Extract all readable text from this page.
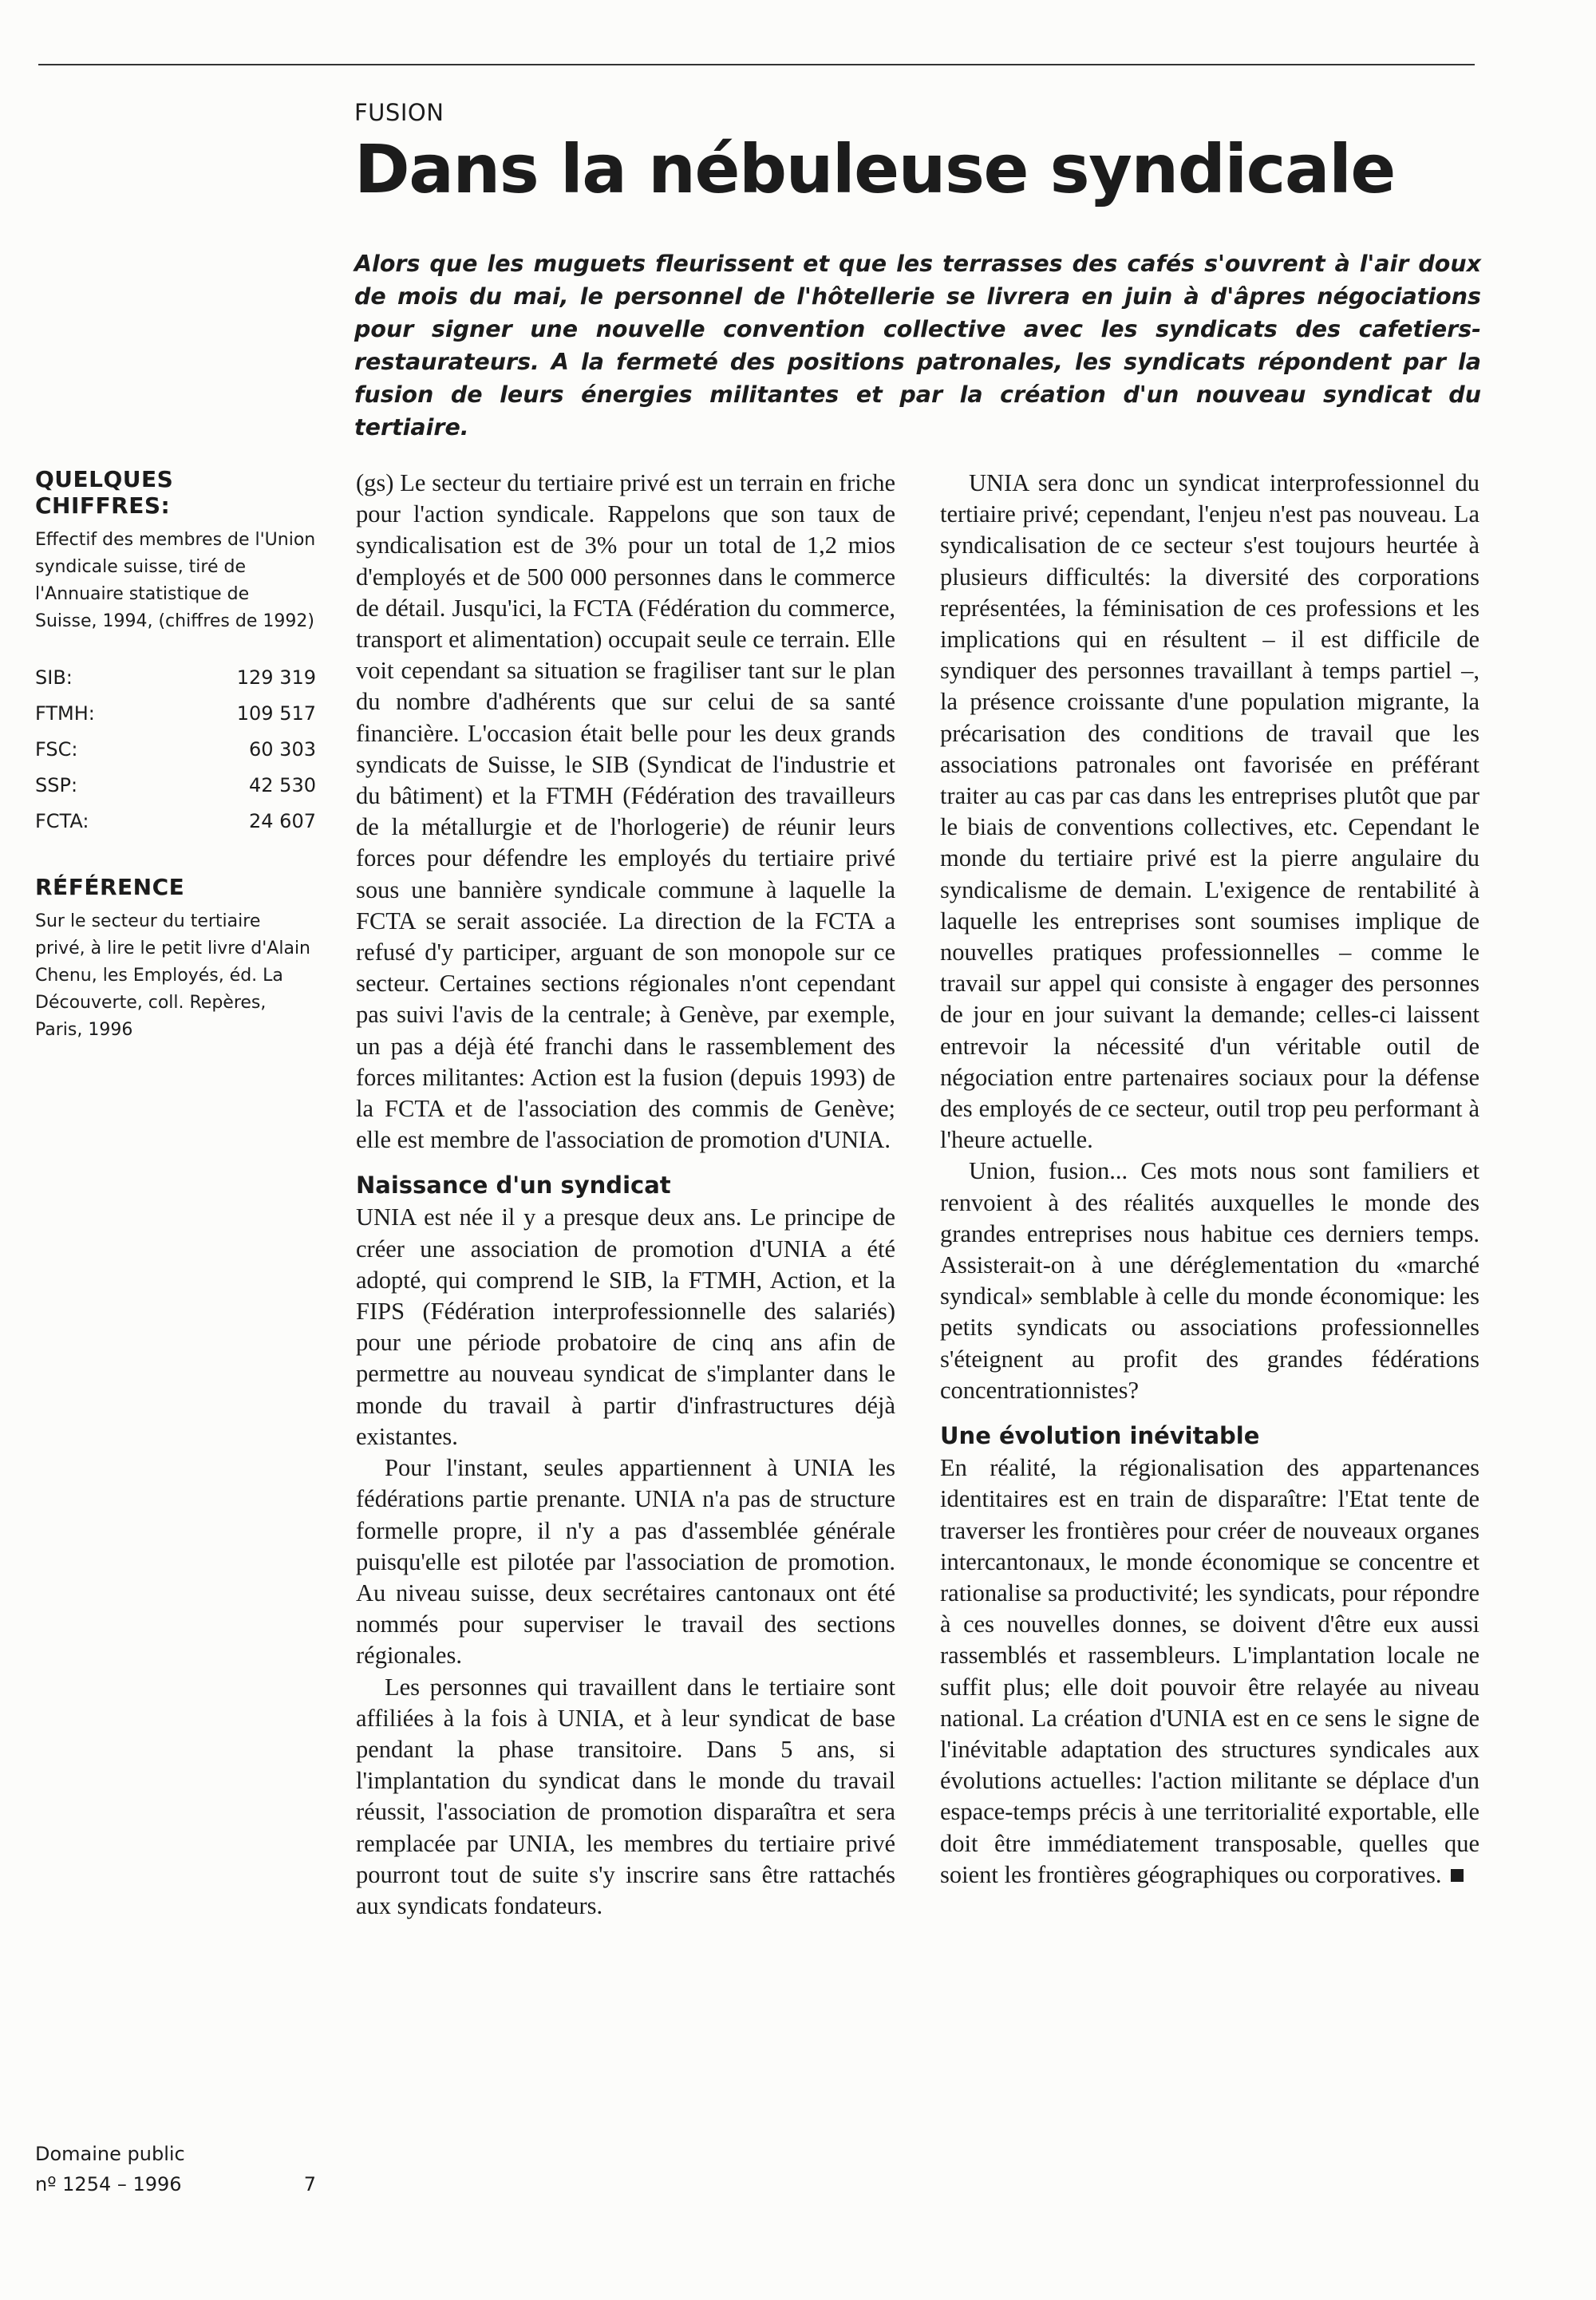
FUSION
Dans la nébuleuse syndicale

Alors que les muguets fleurissent et que les terrasses des cafés s'ouvrent à l'air doux de mois du mai, le personnel de l'hôtellerie se livrera en juin à d'âpres négociations pour signer une nouvelle convention collective avec les syndicats des cafetiers-restaurateurs. A la fermeté des positions patronales, les syndicats répondent par la fusion de leurs énergies militantes et par la création d'un nouveau syndicat du tertiaire.

QUELQUES CHIFFRES:

Effectif des membres de l'Union syndicale suisse, tiré de l'Annuaire statistique de Suisse, 1994, (chiffres de 1992)

SIB:	129 319
FTMH:	109 517
FSC:	60 303
SSP:	42 530
FCTA:	24 607
RÉFÉRENCE

Sur le secteur du tertiaire privé, à lire le petit livre d'Alain Chenu, les Employés, éd. La Découverte, coll. Repères, Paris, 1996

(gs) Le secteur du tertiaire privé est un terrain en friche pour l'action syndicale. Rappelons que son taux de syndicalisation est de 3% pour un total de 1,2 mios d'employés et de 500 000 personnes dans le commerce de détail. Jusqu'ici, la FCTA (Fédération du commerce, transport et alimentation) occupait seule ce terrain. Elle voit cependant sa situation se fragiliser tant sur le plan du nombre d'adhérents que sur celui de sa santé financière. L'occasion était belle pour les deux grands syndicats de Suisse, le SIB (Syndicat de l'industrie et du bâtiment) et la FTMH (Fédération des travailleurs de la métallurgie et de l'horlogerie) de réunir leurs forces pour défendre les employés du tertiaire privé sous une bannière syndicale commune à laquelle la FCTA se serait associée. La direction de la FCTA a refusé d'y participer, arguant de son monopole sur ce secteur. Certaines sections régionales n'ont cependant pas suivi l'avis de la centrale; à Genève, par exemple, un pas a déjà été franchi dans le rassemblement des forces militantes: Action est la fusion (depuis 1993) de la FCTA et de l'association des commis de Genève; elle est membre de l'association de promotion d'UNIA.

Naissance d'un syndicat

UNIA est née il y a presque deux ans. Le principe de créer une association de promotion d'UNIA a été adopté, qui comprend le SIB, la FTMH, Action, et la FIPS (Fédération interprofessionnelle des salariés) pour une période probatoire de cinq ans afin de permettre au nouveau syndicat de s'implanter dans le monde du travail à partir d'infrastructures déjà existantes.

Pour l'instant, seules appartiennent à UNIA les fédérations partie prenante. UNIA n'a pas de structure formelle propre, il n'y a pas d'assemblée générale puisqu'elle est pilotée par l'association de promotion. Au niveau suisse, deux secrétaires cantonaux ont été nommés pour superviser le travail des sections régionales.

Les personnes qui travaillent dans le tertiaire sont affiliées à la fois à UNIA, et à leur syndicat de base pendant la phase transitoire. Dans 5 ans, si l'implantation du syndicat dans le monde du travail réussit, l'association de promotion disparaîtra et sera remplacée par UNIA, les membres du tertiaire privé pourront tout de suite s'y inscrire sans être rattachés aux syndicats fondateurs.

UNIA sera donc un syndicat interprofessionnel du tertiaire privé; cependant, l'enjeu n'est pas nouveau. La syndicalisation de ce secteur s'est toujours heurtée à plusieurs difficultés: la diversité des corporations représentées, la féminisation de ces professions et les implications qui en résultent – il est difficile de syndiquer des personnes travaillant à temps partiel –, la présence croissante d'une population migrante, la précarisation des conditions de travail que les associations patronales ont favorisée en préférant traiter au cas par cas dans les entreprises plutôt que par le biais de conventions collectives, etc. Cependant le monde du tertiaire privé est la pierre angulaire du syndicalisme de demain. L'exigence de rentabilité à laquelle les entreprises sont soumises implique de nouvelles pratiques professionnelles – comme le travail sur appel qui consiste à engager des personnes de jour en jour suivant la demande; celles-ci laissent entrevoir la nécessité d'un véritable outil de négociation entre partenaires sociaux pour la défense des employés de ce secteur, outil trop peu performant à l'heure actuelle.

Union, fusion... Ces mots nous sont familiers et renvoient à des réalités auxquelles le monde des grandes entreprises nous habitue ces derniers temps. Assisterait-on à une déréglementation du «marché syndical» semblable à celle du monde économique: les petits syndicats ou associations professionnelles s'éteignent au profit des grandes fédérations concentrationnistes?

Une évolution inévitable

En réalité, la régionalisation des appartenances identitaires est en train de disparaître: l'Etat tente de traverser les frontières pour créer de nouveaux organes intercantonaux, le monde économique se concentre et rationalise sa productivité; les syndicats, pour répondre à ces nouvelles donnes, se doivent d'être eux aussi rassemblés et rassembleurs. L'implantation locale ne suffit plus; elle doit pouvoir être relayée au niveau national. La création d'UNIA est en ce sens le signe de l'inévitable adaptation des structures syndicales aux évolutions actuelles: l'action militante se déplace d'un espace-temps précis à une territorialité exportable, elle doit être immédiatement transposable, quelles que soient les frontières géographiques ou corporatives.

Domaine public
nº 1254 – 1996	7
